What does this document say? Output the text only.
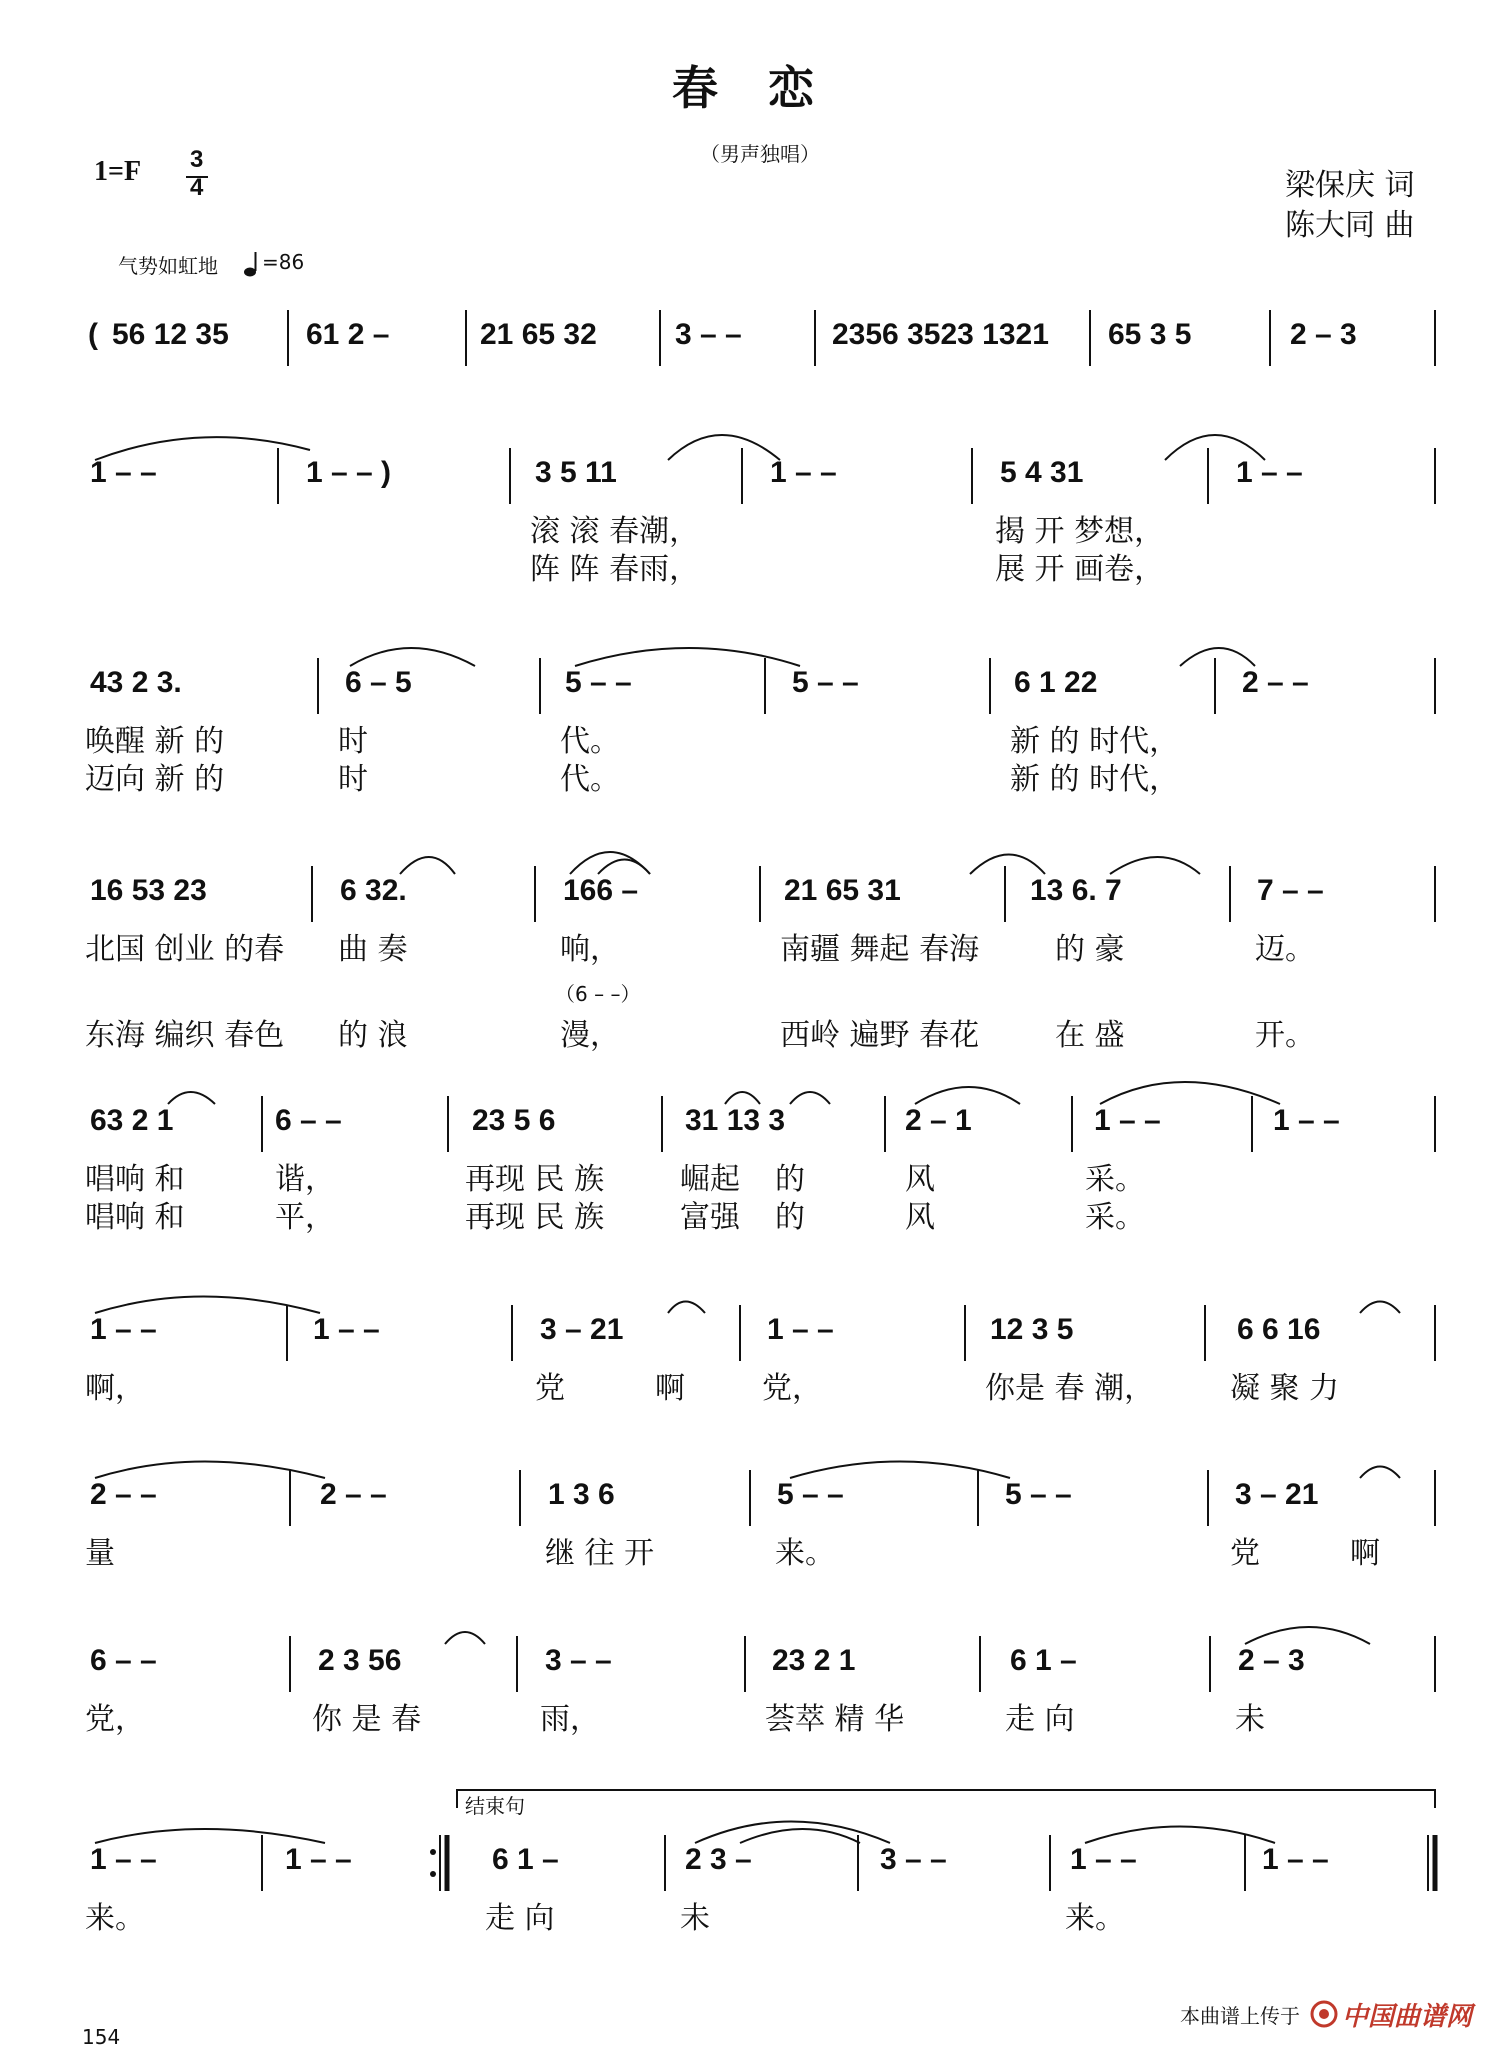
春　恋
（男声独唱）
1=F 3
4	梁保庆 词
陈大同 曲
气势如虹地 =86
( 56 12 35	61 2 –	21 65 32	3 – –	2356 3523 1321 65 3 5	2 – 3
1 – –	1 – – )	3 5 11	1 – –	5 4 31	1 – –
滚 滚 春潮，	揭 开 梦想，
阵 阵 春雨，	展 开 画卷，
43 2 3.	6 – 5	5 – –	5 – –	6 1 22	2 – –
唤醒 新 的	时	代。	新 的 时代，
迈向 新 的	时	代。	新 的 时代，
16 53 23	6 32.	166 –	21 65 31	13 6. 7	7 – –
北国 创业 的春 曲 奏	响，	南疆 舞起 春海	的 豪	迈。
（6 – –）
东海 编织 春色 的 浪	漫，	西岭 遍野 春花	在 盛	开。
63 2 1	6 – –	23 5 6	31 13 3	2 – 1	1 – –	1 – –
唱响 和	谐，	再现 民 族	崛起 的	风	采。
唱响 和	平，	再现 民 族	富强 的	风	采。
1 – –	1 – –	3 – 21	1 – –	12 3 5	6 6 16
啊，	党	啊	党，	你是 春 潮，	凝 聚 力
2 – –	2 – –	1 3 6	5 – –	5 – –	3 – 21
量	继 往 开	来。	党	啊
6 – –	2 3 56	3 – –	23 2 1	6 1 –	2 – 3
党，	你 是 春	雨，	荟萃 精 华	走 向	未
1 – –	1 – –	6 1 –	2 3 –	3 – –	1 – –	1 – –
来。	走 向	未	来。
结束句
154
本曲谱上传于 中国曲谱网
